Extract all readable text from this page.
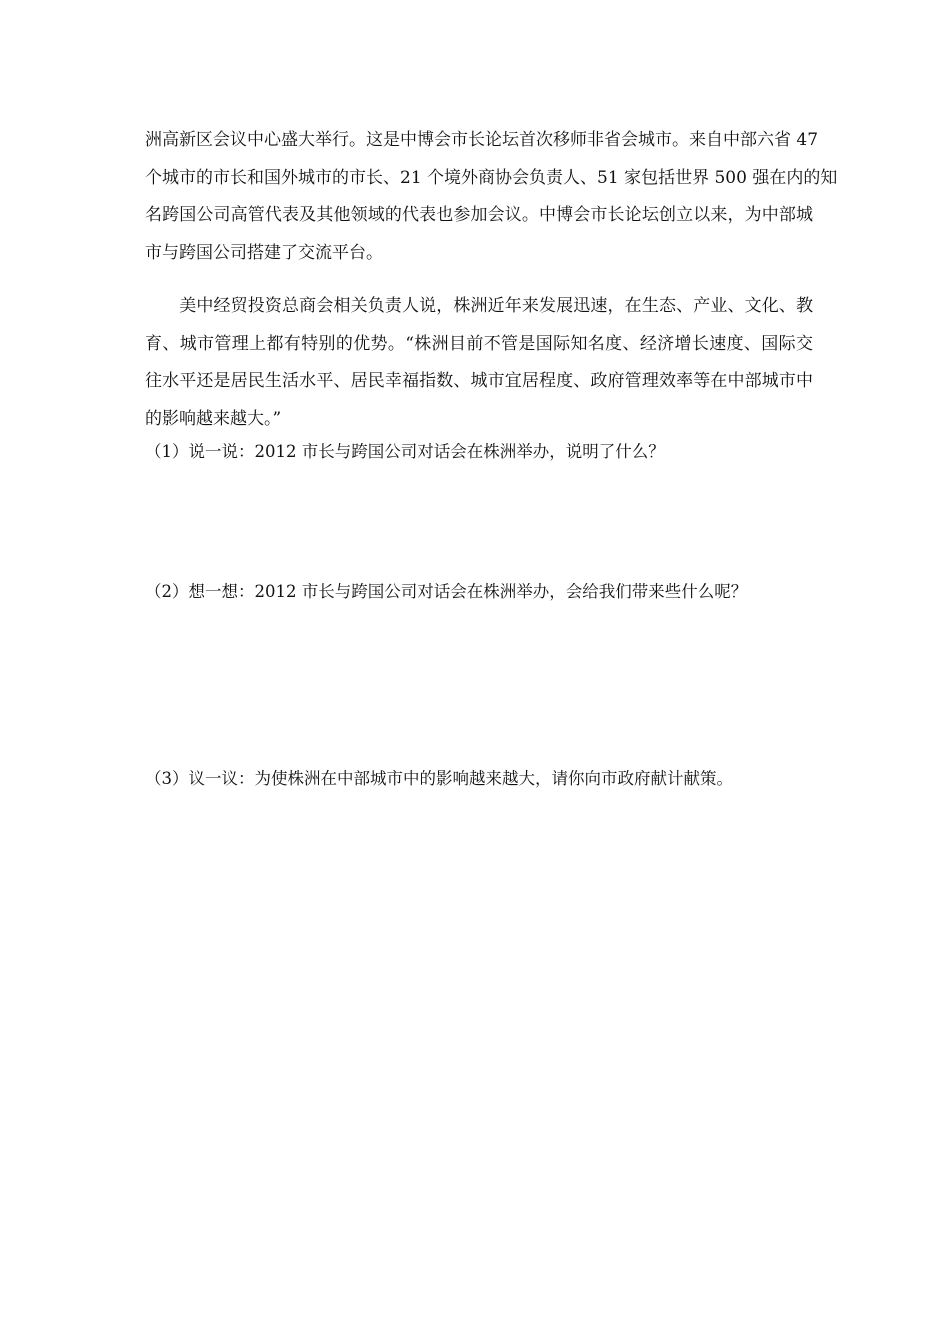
洲高新区会议中心盛大举行。这是中博会市长论坛首次移师非省会城市。来自中部六省 47
个城市的市长和国外城市的市长、21 个境外商协会负责人、51 家包括世界 500 强在内的知
名跨国公司高管代表及其他领域的代表也参加会议。中博会市长论坛创立以来，为中部城
市与跨国公司搭建了交流平台。
　　美中经贸投资总商会相关负责人说，株洲近年来发展迅速，在生态、产业、文化、教
育、城市管理上都有特别的优势。“株洲目前不管是国际知名度、经济增长速度、国际交
往水平还是居民生活水平、居民幸福指数、城市宜居程度、政府管理效率等在中部城市中
的影响越来越大。”

（1）说一说：2012 市长与跨国公司对话会在株洲举办，说明了什么？

（2）想一想：2012 市长与跨国公司对话会在株洲举办，会给我们带来些什么呢？

（3）议一议：为使株洲在中部城市中的影响越来越大，请你向市政府献计献策。
